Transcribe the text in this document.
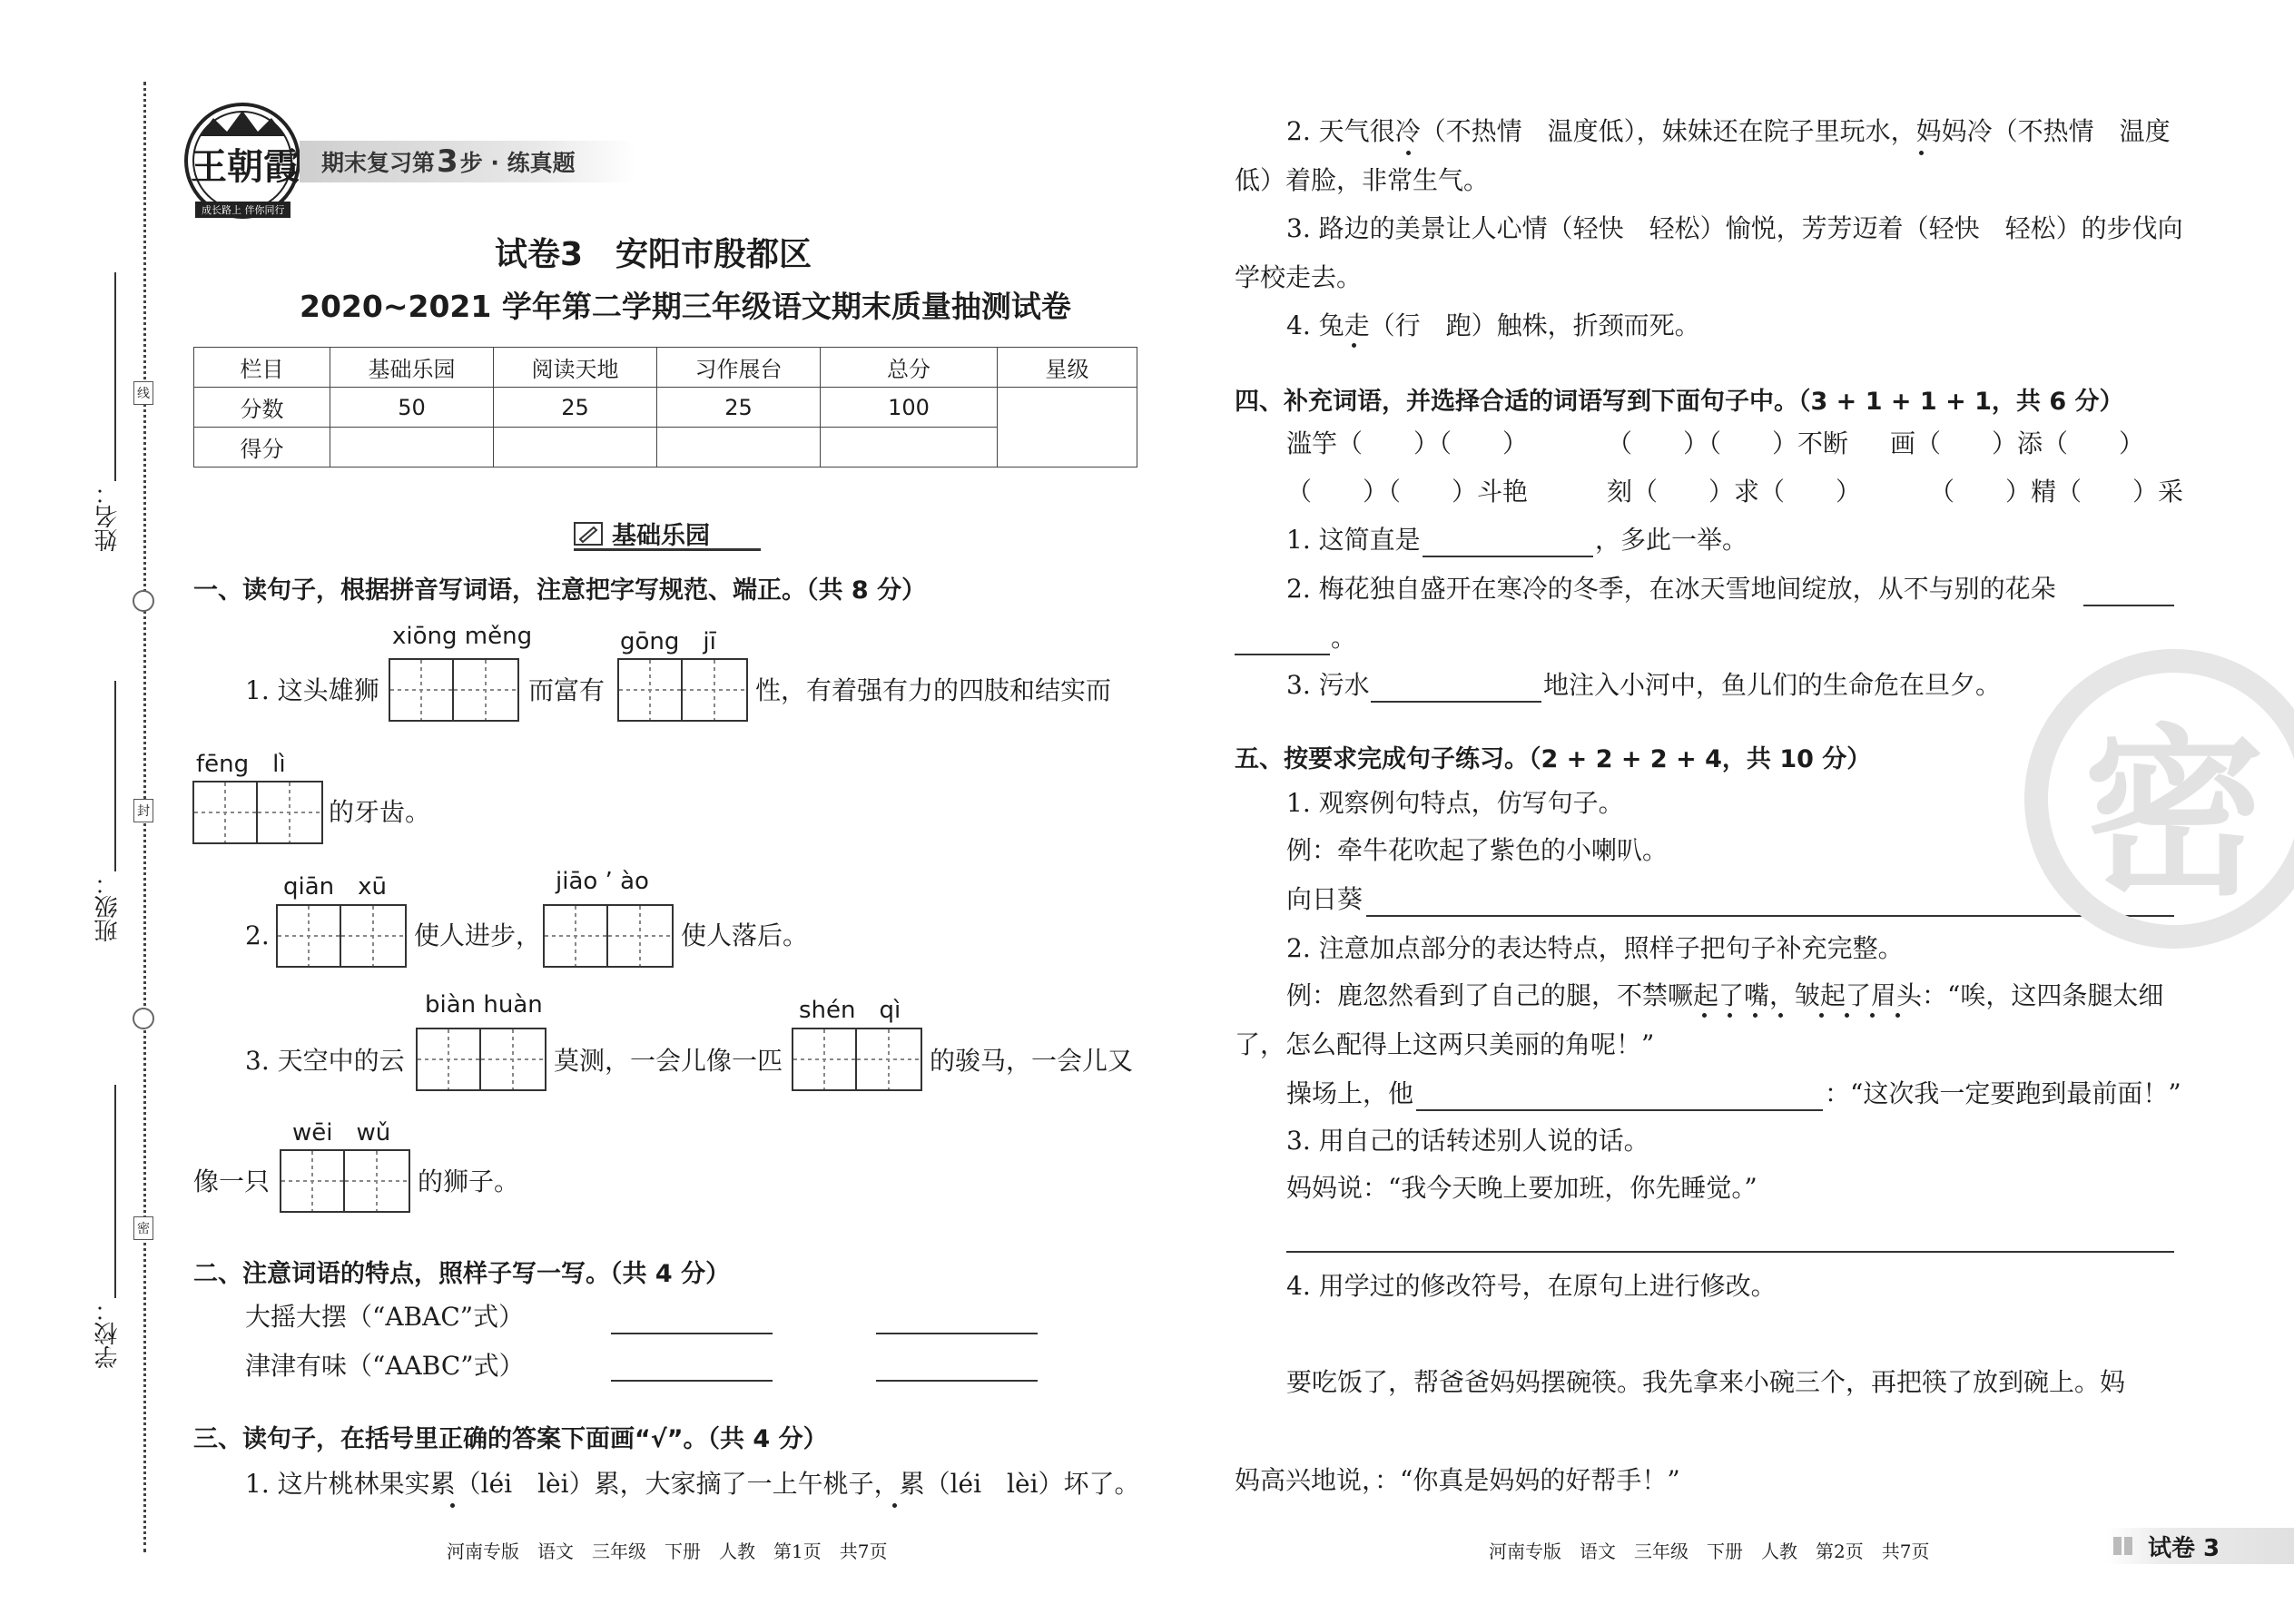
线
封
密
姓名：
班级：
学校：
王朝霞
成长路上 伴你同行
期末复习第 3 步 · 练真题
试卷3　安阳市殷都区
2020~2021 学年第二学期三年级语文期末质量抽测试卷
栏目	基础乐园	阅读天地	习作展台	总分	星级
分数	50	25	25	100	
得分					
基础乐园
一、读句子，根据拼音写词语，注意把字写规范、端正。（共 8 分）
xiōng měng	gōng　jī
1. 这头雄狮	而富有	性，有着强有力的四肢和结实而
fēng　lì
的牙齿。
qiān　xū	jiāo ’ ào
2.	使人进步，	使人落后。
biàn huàn	shén　qì
3. 天空中的云	莫测，一会儿像一匹	的骏马，一会儿又
wēi　wǔ
像一只	的狮子。
二、注意词语的特点，照样子写一写。（共 4 分）
大摇大摆（“ABAC”式）
津津有味（“AABC”式）
三、读句子，在括号里正确的答案下面画“√”。（共 4 分）
1. 这片桃林果实累（léi　lèi）累，大家摘了一上午桃子，累（léi　lèi）坏了。
2. 天气很冷（不热情　温度低），妹妹还在院子里玩水，妈妈冷（不热情　温度
低）着脸，非常生气。
3. 路边的美景让人心情（轻快　轻松）愉悦，芳芳迈着（轻快　轻松）的步伐向
学校走去。
4. 兔走（行　跑）触株，折颈而死。
四、补充词语，并选择合适的词语写到下面句子中。（3 + 1 + 1 + 1，共 6 分）
滥竽（　　）（　　）	（　　）（　　）不断 画（　　）添（　　）
（　　）（　　）斗艳	刻（　　）求（　　）	（　　）精（　　）采
1. 这简直是	，多此一举。
2. 梅花独自盛开在寒冷的冬季，在冰天雪地间绽放，从不与别的花朵
。
3. 污水	地注入小河中，鱼儿们的生命危在旦夕。
五、按要求完成句子练习。（2 + 2 + 2 + 4，共 10 分）
1. 观察例句特点，仿写句子。
例：牵牛花吹起了紫色的小喇叭。
向日葵
2. 注意加点部分的表达特点，照样子把句子补充完整。
例：鹿忽然看到了自己的腿，不禁噘起了嘴，皱起了眉头：“唉，这四条腿太细
了，怎么配得上这两只美丽的角呢！”
操场上，他	：“这次我一定要跑到最前面！”
3. 用自己的话转述别人说的话。
妈妈说：“我今天晚上要加班，你先睡觉。”
4. 用学过的修改符号，在原句上进行修改。
要吃饭了，帮爸爸妈妈摆碗筷。我先拿来小碗三个，再把筷了放到碗上。妈
妈高兴地说，：“你真是妈妈的好帮手！”
密
河南专版　语文　三年级　下册　人教　第1页　共7页	河南专版　语文　三年级　下册　人教　第2页　共7页	试卷 3
